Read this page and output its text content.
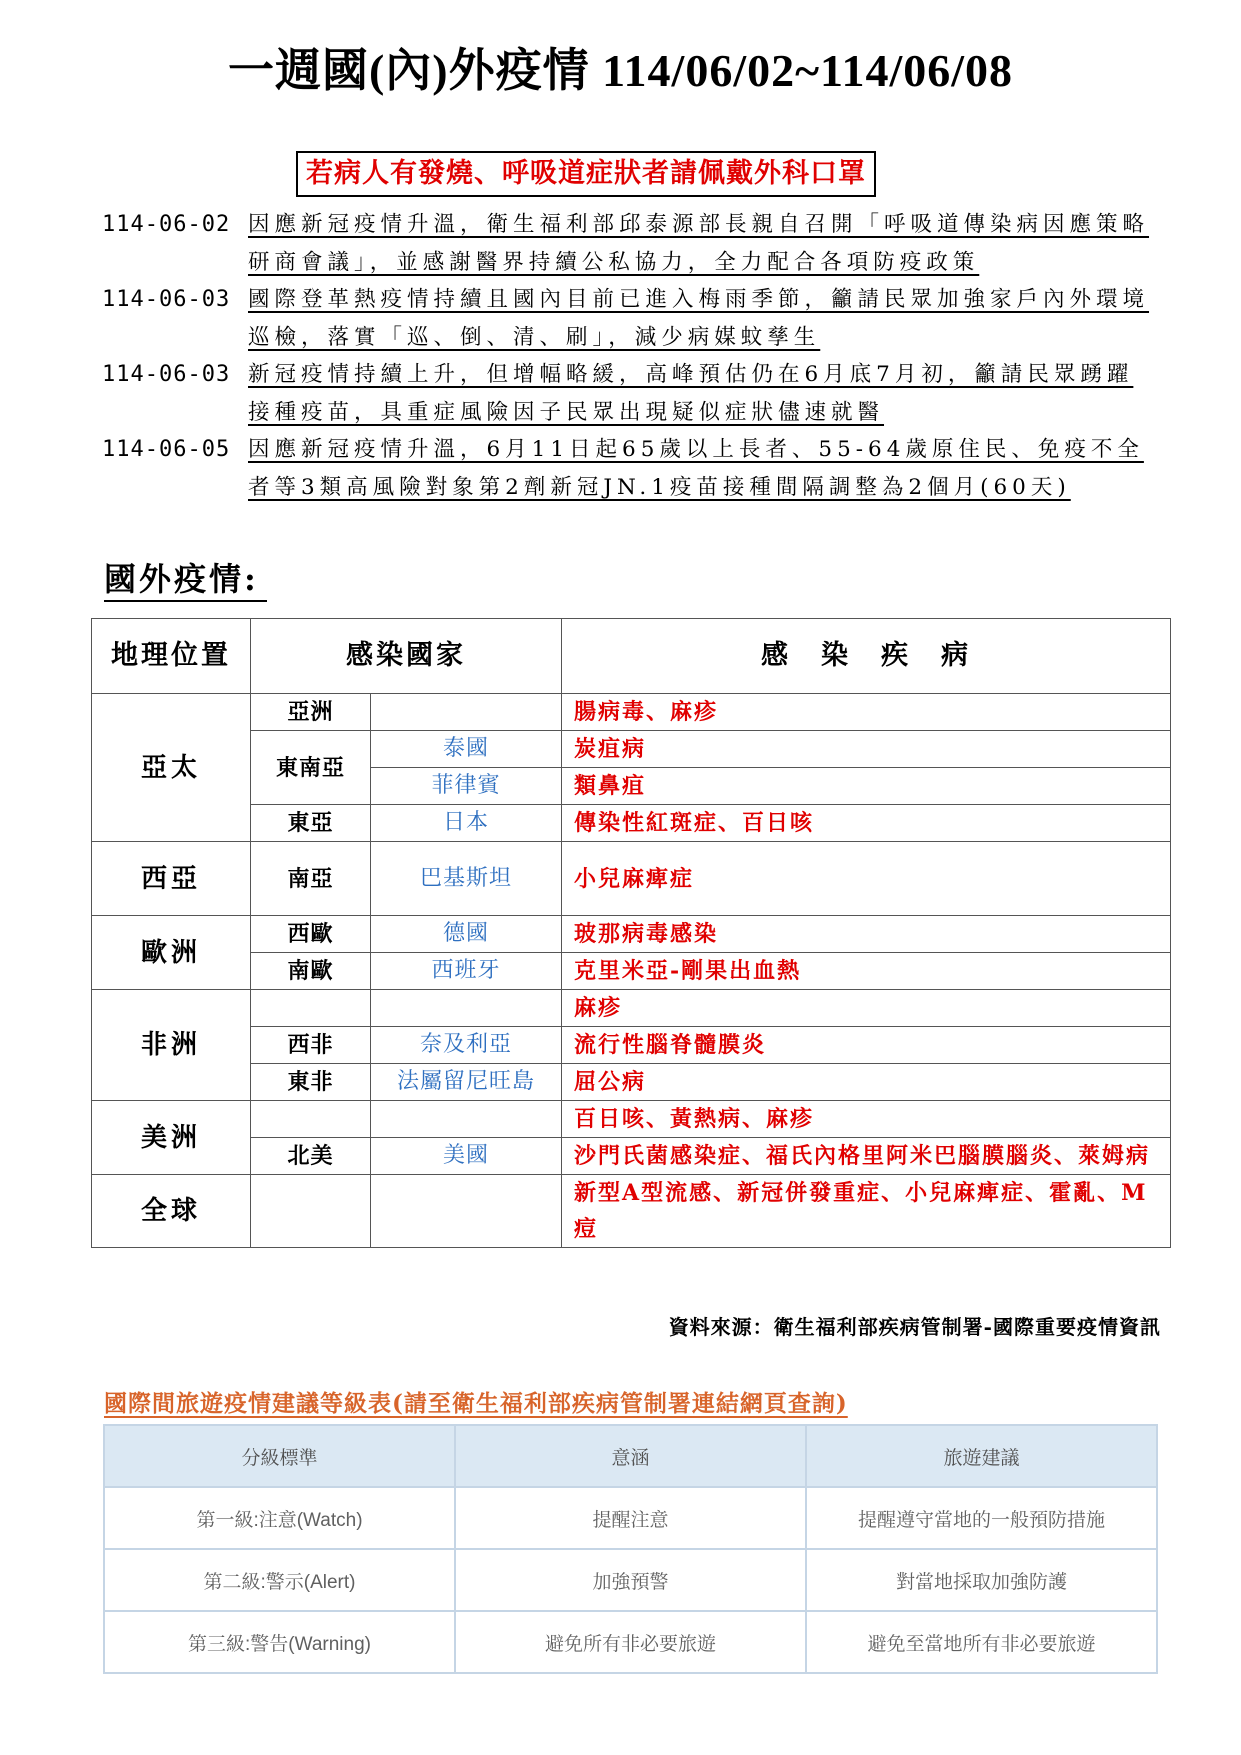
一週國(內)外疫情 114/06/02~114/06/08
若病人有發燒、呼吸道症狀者請佩戴外科口罩
114-06-02 因應新冠疫情升溫，衛生福利部邱泰源部長親自召開「呼吸道傳染病因應策略研商會議」，並感謝醫界持續公私協力，全力配合各項防疫政策
114-06-03 國際登革熱疫情持續且國內目前已進入梅雨季節，籲請民眾加強家戶內外環境巡檢，落實「巡、倒、清、刷」，減少病媒蚊孳生
114-06-03 新冠疫情持續上升，但增幅略緩，高峰預估仍在6月底7月初，籲請民眾踴躍接種疫苗，具重症風險因子民眾出現疑似症狀儘速就醫
114-06-05 因應新冠疫情升溫，6月11日起65歲以上長者、55-64歲原住民、免疫不全者等3類高風險對象第2劑新冠JN.1疫苗接種間隔調整為2個月(60天)
國外疫情:
地理位置	感染國家		感　染　疾　病
亞太	亞洲		腸病毒、麻疹
	東南亞	泰國	炭疽病
		菲律賓	類鼻疽
	東亞	日本	傳染性紅斑症、百日咳
西亞	南亞	巴基斯坦	小兒麻痺症
歐洲	西歐	德國	玻那病毒感染
	南歐	西班牙	克里米亞-剛果出血熱
非洲			麻疹
	西非	奈及利亞	流行性腦脊髓膜炎
	東非	法屬留尼旺島	屈公病
美洲			百日咳、黃熱病、麻疹
	北美	美國	沙門氏菌感染症、福氏內格里阿米巴腦膜腦炎、萊姆病
全球			新型A型流感、新冠併發重症、小兒麻痺症、霍亂、M痘
資料來源：衛生福利部疾病管制署-國際重要疫情資訊
國際間旅遊疫情建議等級表(請至衛生福利部疾病管制署連結網頁查詢)
分級標準	意涵	旅遊建議
第一級:注意(Watch)	提醒注意	提醒遵守當地的一般預防措施
第二級:警示(Alert)	加強預警	對當地採取加強防護
第三級:警告(Warning)	避免所有非必要旅遊	避免至當地所有非必要旅遊
